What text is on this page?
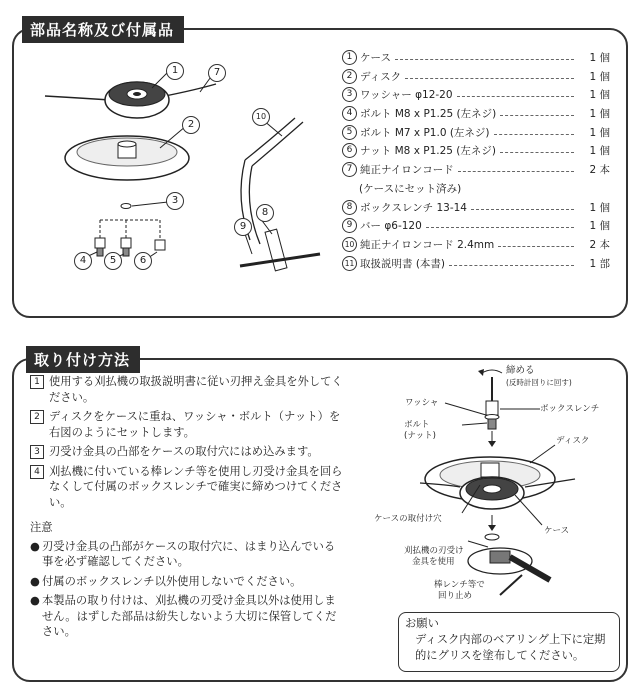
部品名称及び付属品
1	7
2
3
4	5	6
10
8
9
1 ケース	1 個
2 ディスク	1 個
3 ワッシャー φ12-20	1 個
4 ボルト M8 x P1.25 (左ネジ)	1 個
5 ボルト M7 x P1.0 (左ネジ)	1 個
6 ナット M8 x P1.25 (左ネジ)	1 個
7 純正ナイロンコード	2 本
(ケースにセット済み)
8 ボックスレンチ 13-14	1 個
9 バー φ6-120	1 個
10 純正ナイロンコード 2.4mm	2 本
11 取扱説明書 (本書)	1 部
取り付け方法
1 使用する刈払機の取扱説明書に従い刃押え金具を外してください。
2 ディスクをケースに重ね、ワッシャ・ボルト（ナット）を右図のようにセットします。
3 刃受け金具の凸部をケースの取付穴にはめ込みます。
4 刈払機に付いている棒レンチ等を使用し刃受け金具を回らなくして付属のボックスレンチで確実に締めつけてください。
注意
● 刃受け金具の凸部がケースの取付穴に、はまり込んでいる事を必ず確認してください。
● 付属のボックスレンチ以外使用しないでください。
● 本製品の取り付けは、刈払機の刃受け金具以外は使用しません。はずした部品は紛失しないよう大切に保管してください。
締める
(反時計回りに回す)
ワッシャ
ボックスレンチ
ボルト
(ナット)	ディスク
ケースの取付け穴
ケース
刈払機の刃受け
金具を使用
棒レンチ等で
回り止め
お願い
ディスク内部のベアリング上下に定期的にグリスを塗布してください。
